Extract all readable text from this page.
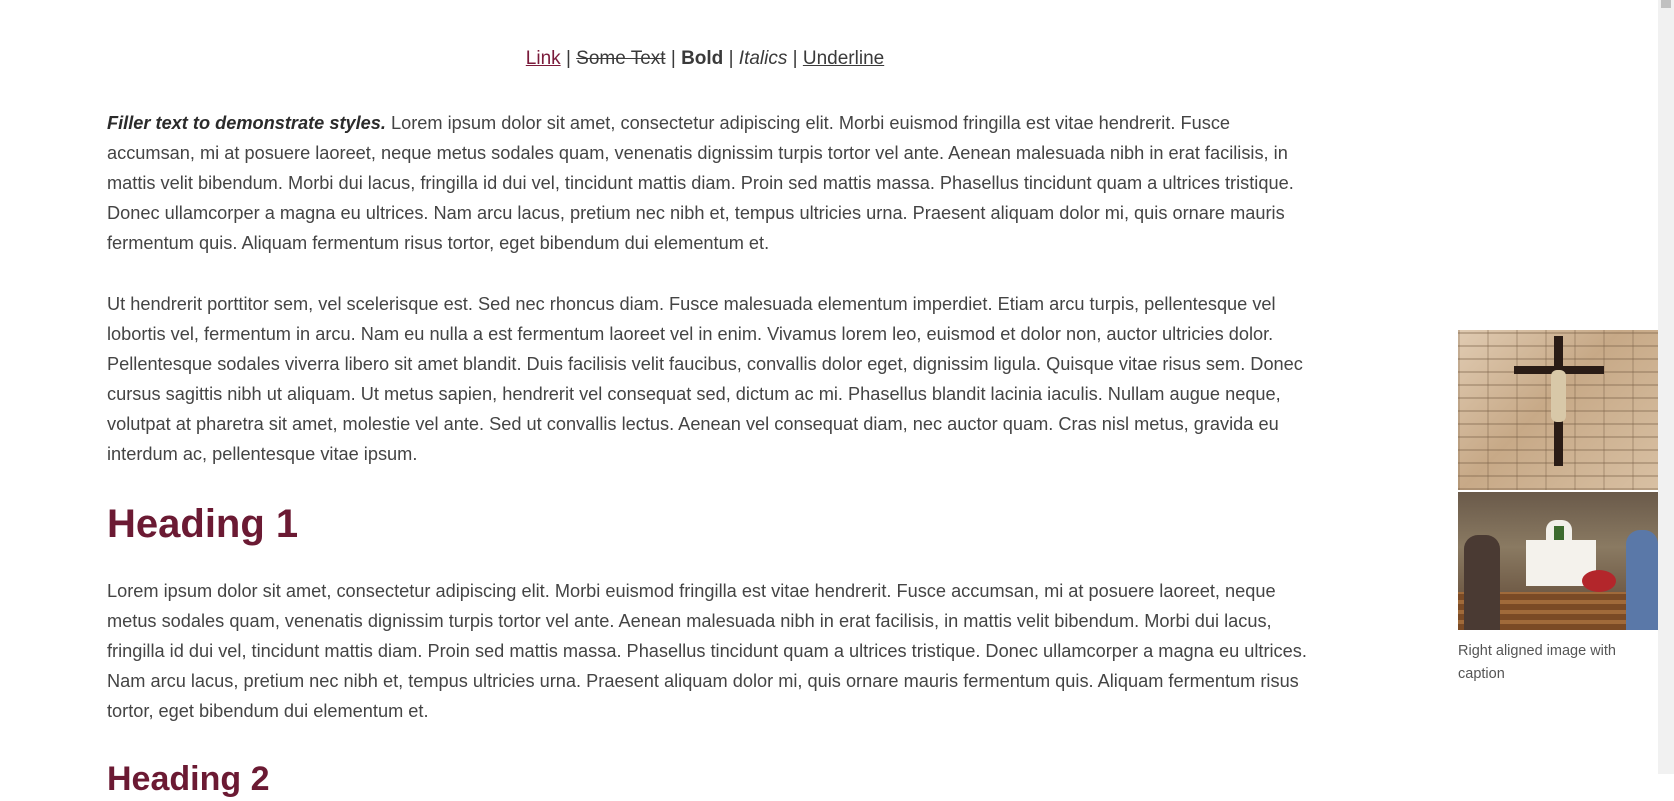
Link | Some Text | Bold | Italics | Underline

Filler text to demonstrate styles. Lorem ipsum dolor sit amet, consectetur adipiscing elit. Morbi euismod fringilla est vitae hendrerit. Fusce accumsan, mi at posuere laoreet, neque metus sodales quam, venenatis dignissim turpis tortor vel ante. Aenean malesuada nibh in erat facilisis, in mattis velit bibendum. Morbi dui lacus, fringilla id dui vel, tincidunt mattis diam. Proin sed mattis massa. Phasellus tincidunt quam a ultrices tristique. Donec ullamcorper a magna eu ultrices. Nam arcu lacus, pretium nec nibh et, tempus ultricies urna. Praesent aliquam dolor mi, quis ornare mauris fermentum quis. Aliquam fermentum risus tortor, eget bibendum dui elementum et.

Ut hendrerit porttitor sem, vel scelerisque est. Sed nec rhoncus diam. Fusce malesuada elementum imperdiet. Etiam arcu turpis, pellentesque vel lobortis vel, fermentum in arcu. Nam eu nulla a est fermentum laoreet vel in enim. Vivamus lorem leo, euismod et dolor non, auctor ultricies dolor. Pellentesque sodales viverra libero sit amet blandit. Duis facilisis velit faucibus, convallis dolor eget, dignissim ligula. Quisque vitae risus sem. Donec cursus sagittis nibh ut aliquam. Ut metus sapien, hendrerit vel consequat sed, dictum ac mi. Phasellus blandit lacinia iaculis. Nullam augue neque, volutpat at pharetra sit amet, molestie vel ante. Sed ut convallis lectus. Aenean vel consequat diam, nec auctor quam. Cras nisl metus, gravida eu interdum ac, pellentesque vitae ipsum.

Heading 1

Lorem ipsum dolor sit amet, consectetur adipiscing elit. Morbi euismod fringilla est vitae hendrerit. Fusce accumsan, mi at posuere laoreet, neque metus sodales quam, venenatis dignissim turpis tortor vel ante. Aenean malesuada nibh in erat facilisis, in mattis velit bibendum. Morbi dui lacus, fringilla id dui vel, tincidunt mattis diam. Proin sed mattis massa. Phasellus tincidunt quam a ultrices tristique. Donec ullamcorper a magna eu ultrices. Nam arcu lacus, pretium nec nibh et, tempus ultricies urna. Praesent aliquam dolor mi, quis ornare mauris fermentum quis. Aliquam fermentum risus tortor, eget bibendum dui elementum et.

Heading 2
Right aligned image with caption
